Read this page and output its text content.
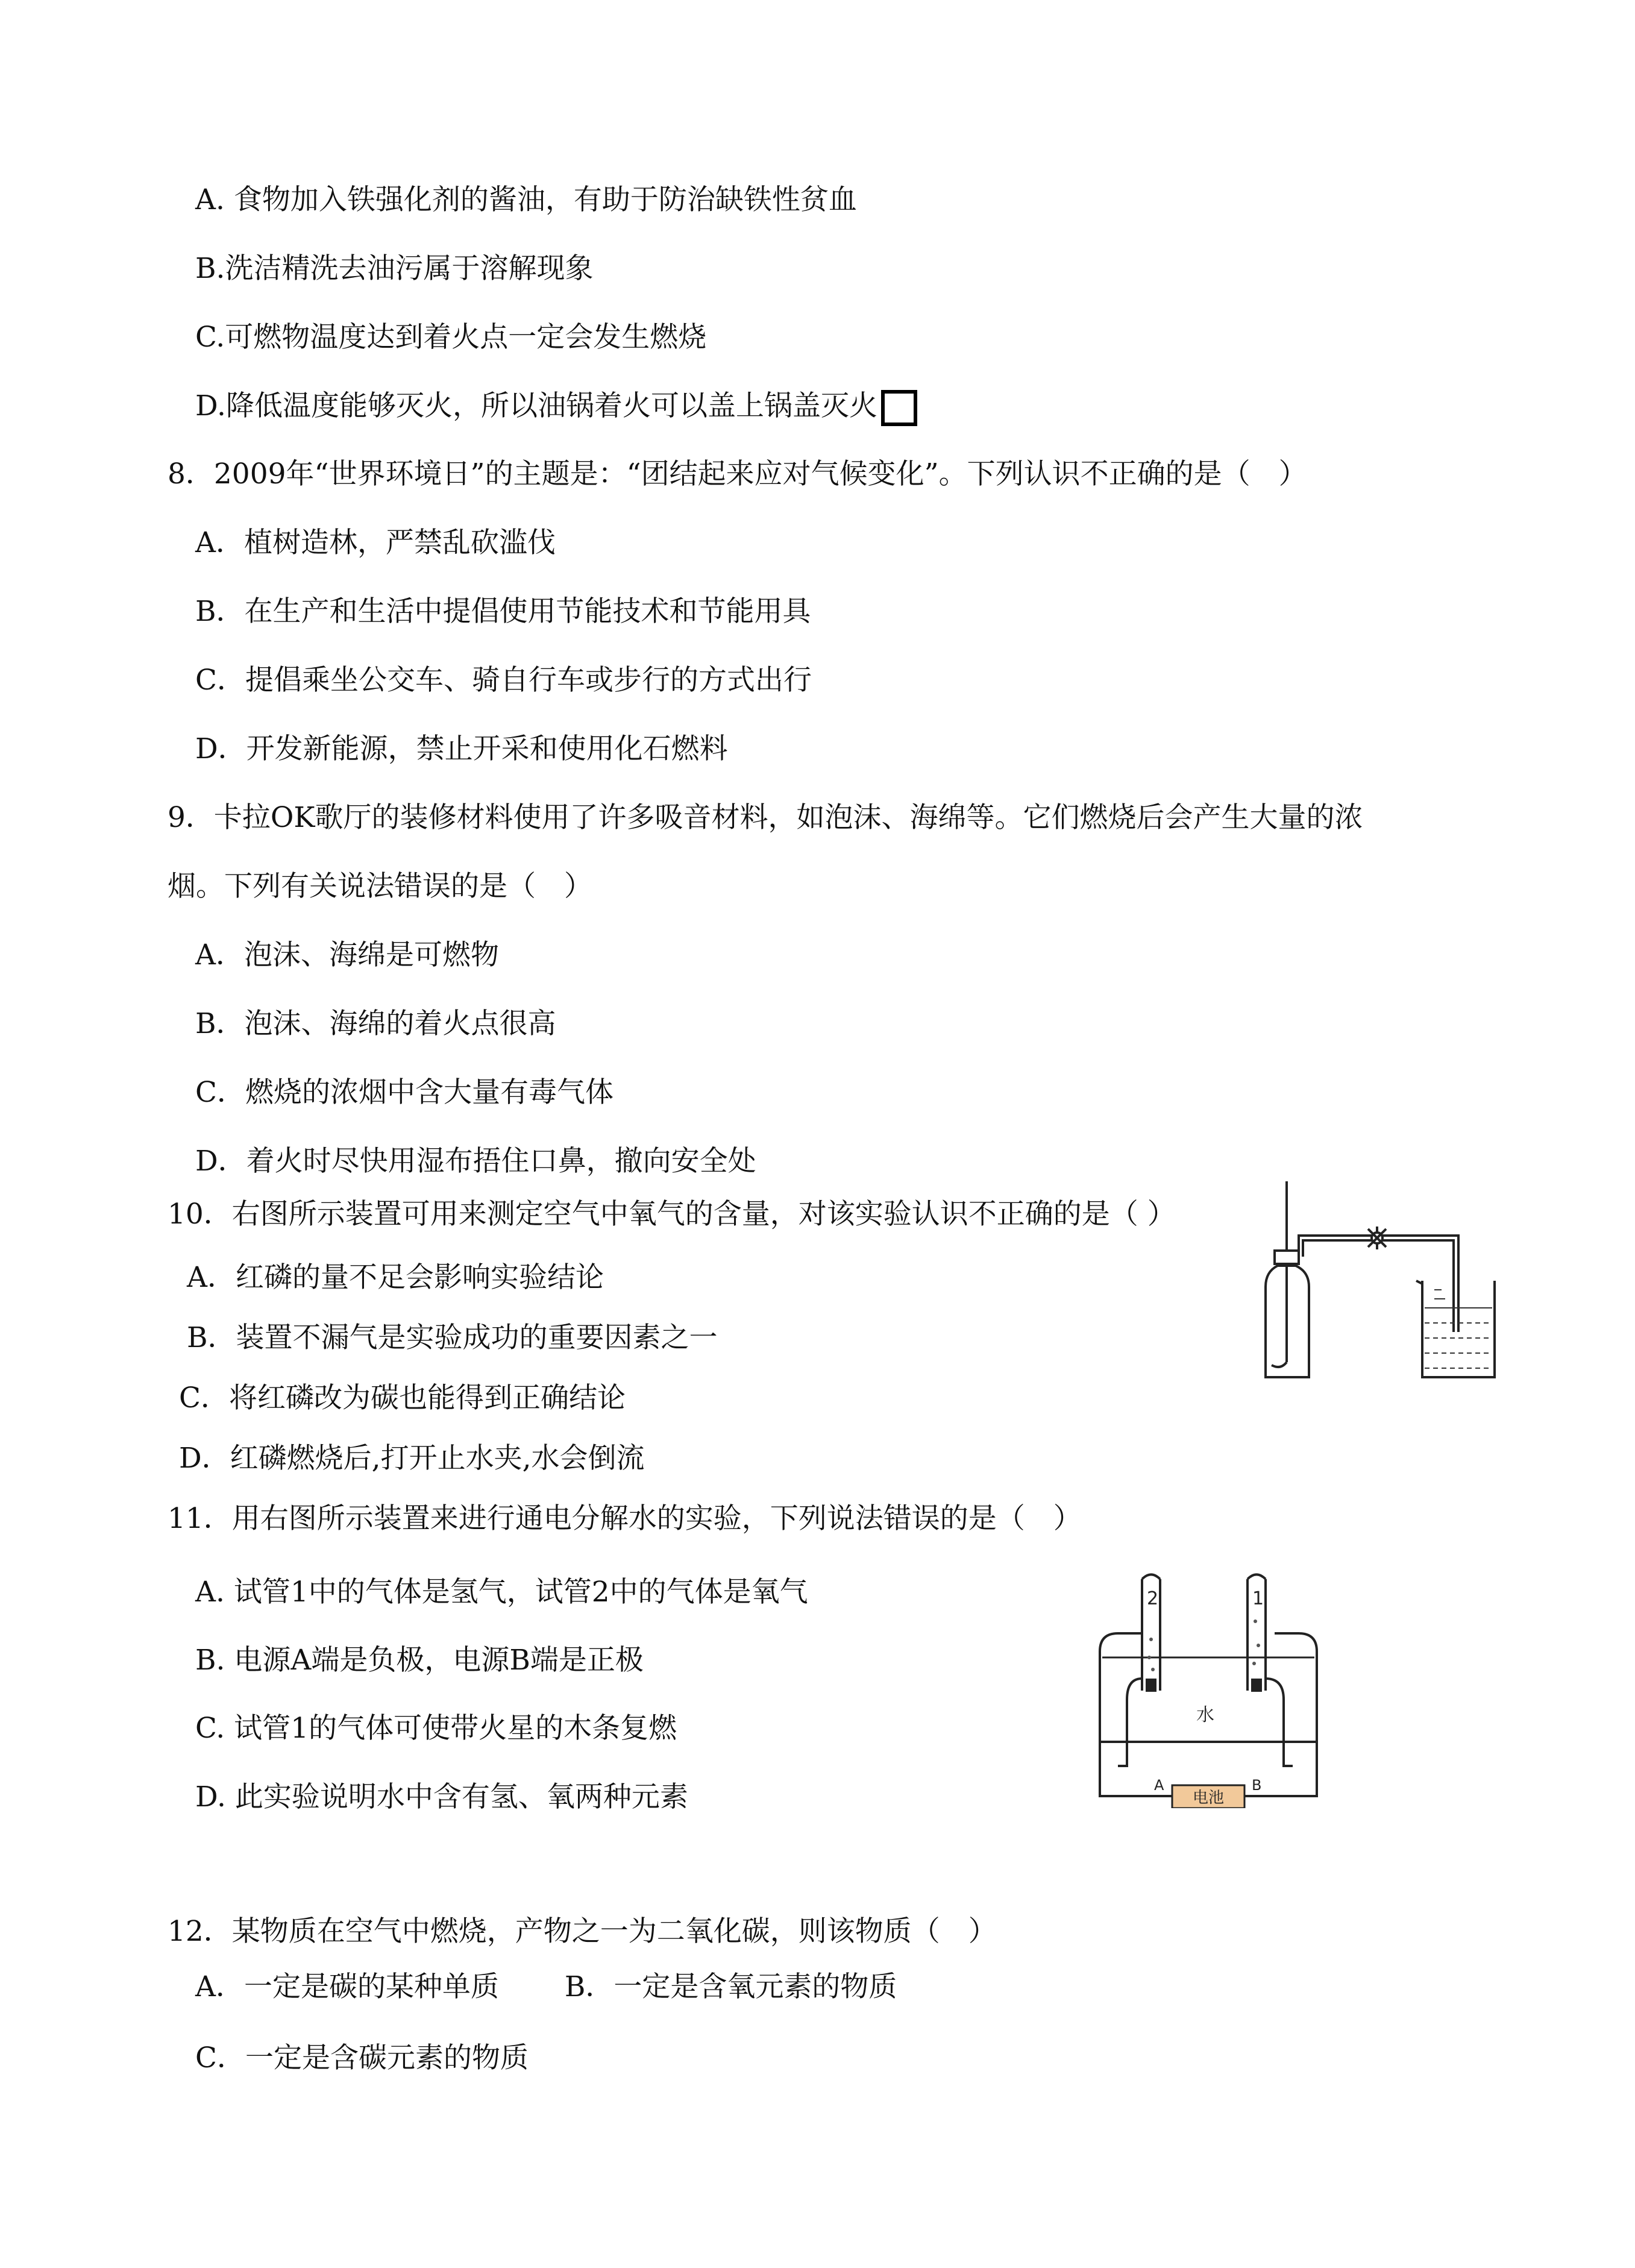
A. 食物加入铁强化剂的酱油，有助于防治缺铁性贫血
B.洗洁精洗去油污属于溶解现象
C.可燃物温度达到着火点一定会发生燃烧
D.降低温度能够灭火，所以油锅着火可以盖上锅盖灭火
8．2009年“世界环境日”的主题是：“团结起来应对气候变化”。下列认识不正确的是（　）
A．植树造林，严禁乱砍滥伐
B．在生产和生活中提倡使用节能技术和节能用具
C．提倡乘坐公交车、骑自行车或步行的方式出行
D．开发新能源，禁止开采和使用化石燃料
9．卡拉OK歌厅的装修材料使用了许多吸音材料，如泡沫、海绵等。它们燃烧后会产生大量的浓
烟。下列有关说法错误的是（　）
A．泡沫、海绵是可燃物
B．泡沫、海绵的着火点很高
C．燃烧的浓烟中含大量有毒气体
D．着火时尽快用湿布捂住口鼻，撤向安全处
10．右图所示装置可用来测定空气中氧气的含量，对该实验认识不正确的是（ ）
A．红磷的量不足会影响实验结论
B．装置不漏气是实验成功的重要因素之一
C．将红磷改为碳也能得到正确结论
D．红磷燃烧后,打开止水夹,水会倒流
11．用右图所示装置来进行通电分解水的实验，下列说法错误的是（　）
A. 试管1中的气体是氢气，试管2中的气体是氧气
B. 电源A端是负极，电源B端是正极
C. 试管1的气体可使带火星的木条复燃
D. 此实验说明水中含有氢、氧两种元素
2	1
水
A	B
电池
12．某物质在空气中燃烧，产物之一为二氧化碳，则该物质（　）
A．一定是碳的某种单质　　 B．一定是含氧元素的物质
C．一定是含碳元素的物质
